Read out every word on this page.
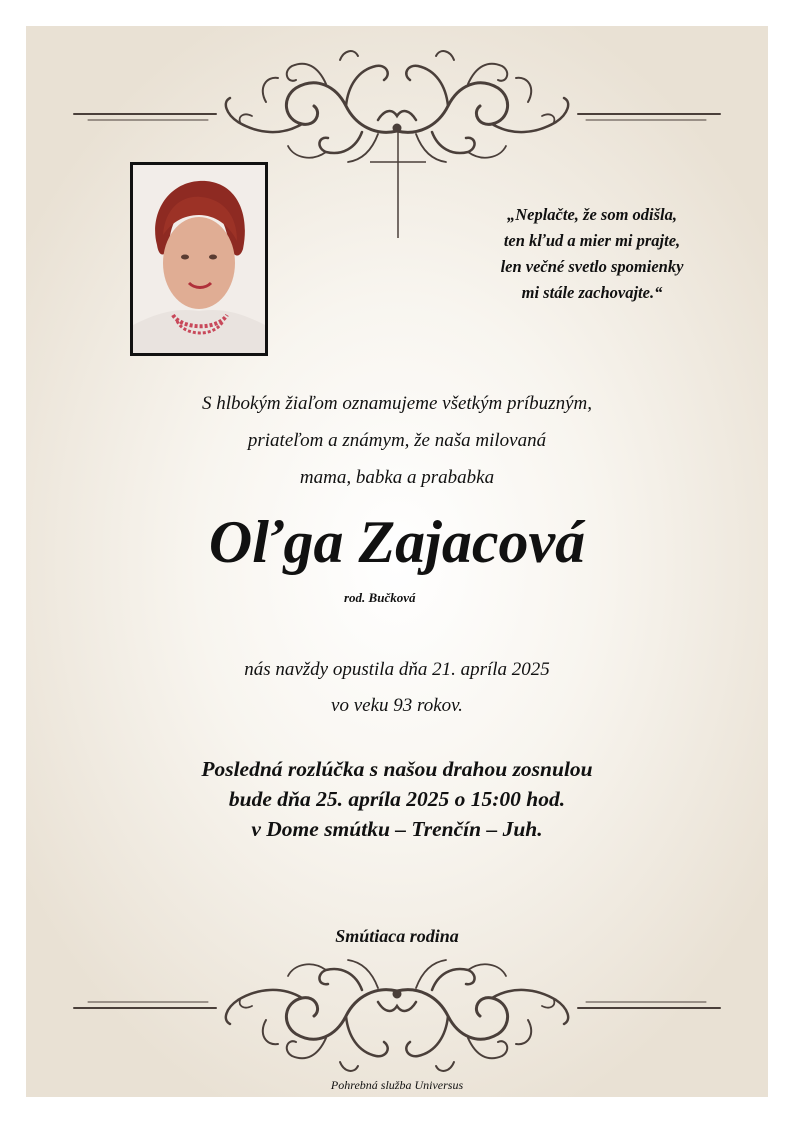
„Neplačte, že som odišla,
ten kľud a mier mi prajte,
len večné svetlo spomienky
mi stále zachovajte.“
S hlbokým žiaľom oznamujeme všetkým príbuzným,
priateľom a známym, že naša milovaná
mama, babka a prababka
Oľga Zajacová
rod. Bučková
nás navždy opustila dňa 21. apríla 2025
vo veku 93 rokov.
Posledná rozlúčka s našou drahou zosnulou
bude dňa 25. apríla 2025 o 15:00 hod.
v Dome smútku – Trenčín – Juh.
Smútiaca rodina
Pohrebná služba Universus
